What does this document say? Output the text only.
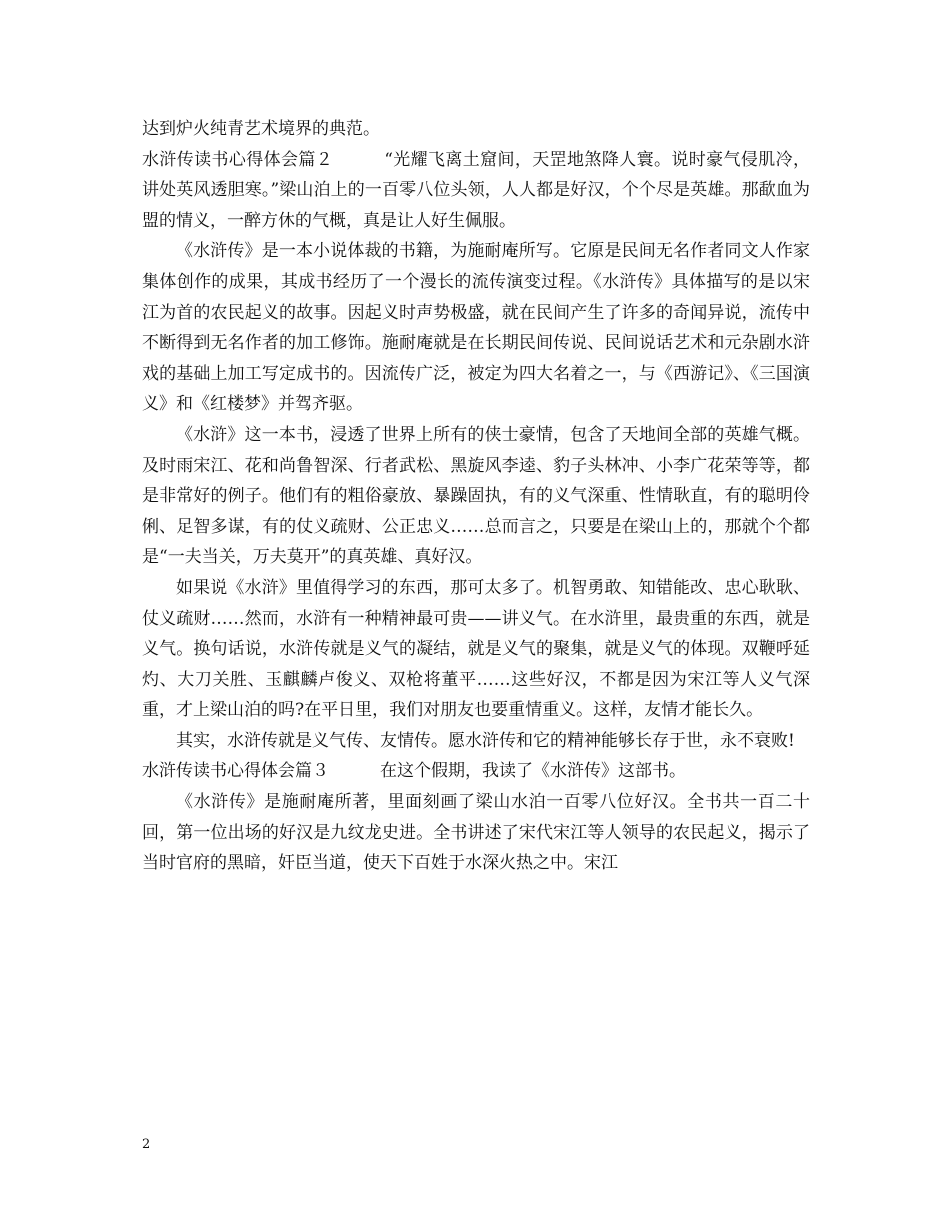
达到炉火纯青艺术境界的典范。

水浒传读书心得体会篇２	“光耀飞离土窟间，天罡地煞降人寰。说时豪气侵肌冷，讲处英风透胆寒。”梁山泊上的一百零八位头领，人人都是好汉，个个尽是英雄。那歃血为盟的情义，一醉方休的气概，真是让人好生佩服。

《水浒传》是一本小说体裁的书籍，为施耐庵所写。它原是民间无名作者同文人作家集体创作的成果，其成书经历了一个漫长的流传演变过程。《水浒传》具体描写的是以宋江为首的农民起义的故事。因起义时声势极盛，就在民间产生了许多的奇闻异说，流传中不断得到无名作者的加工修饰。施耐庵就是在长期民间传说、民间说话艺术和元杂剧水浒戏的基础上加工写定成书的。因流传广泛，被定为四大名着之一，与《西游记》、《三国演义》和《红楼梦》并驾齐驱。

《水浒》这一本书，浸透了世界上所有的侠士豪情，包含了天地间全部的英雄气概。及时雨宋江、花和尚鲁智深、行者武松、黑旋风李逵、豹子头林冲、小李广花荣等等，都是非常好的例子。他们有的粗俗豪放、暴躁固执，有的义气深重、性情耿直，有的聪明伶俐、足智多谋，有的仗义疏财、公正忠义……总而言之，只要是在梁山上的，那就个个都是“一夫当关，万夫莫开”的真英雄、真好汉。

如果说《水浒》里值得学习的东西，那可太多了。机智勇敢、知错能改、忠心耿耿、仗义疏财……然而，水浒有一种精神最可贵——讲义气。在水浒里，最贵重的东西，就是义气。换句话说，水浒传就是义气的凝结，就是义气的聚集，就是义气的体现。双鞭呼延灼、大刀关胜、玉麒麟卢俊义、双枪将董平……这些好汉，不都是因为宋江等人义气深重，才上梁山泊的吗?在平日里，我们对朋友也要重情重义。这样，友情才能长久。

其实，水浒传就是义气传、友情传。愿水浒传和它的精神能够长存于世，永不衰败!

水浒传读书心得体会篇３	在这个假期，我读了《水浒传》这部书。

《水浒传》是施耐庵所著，里面刻画了梁山水泊一百零八位好汉。全书共一百二十回，第一位出场的好汉是九纹龙史进。全书讲述了宋代宋江等人领导的农民起义，揭示了当时官府的黑暗，奸臣当道，使天下百姓于水深火热之中。宋江

2
